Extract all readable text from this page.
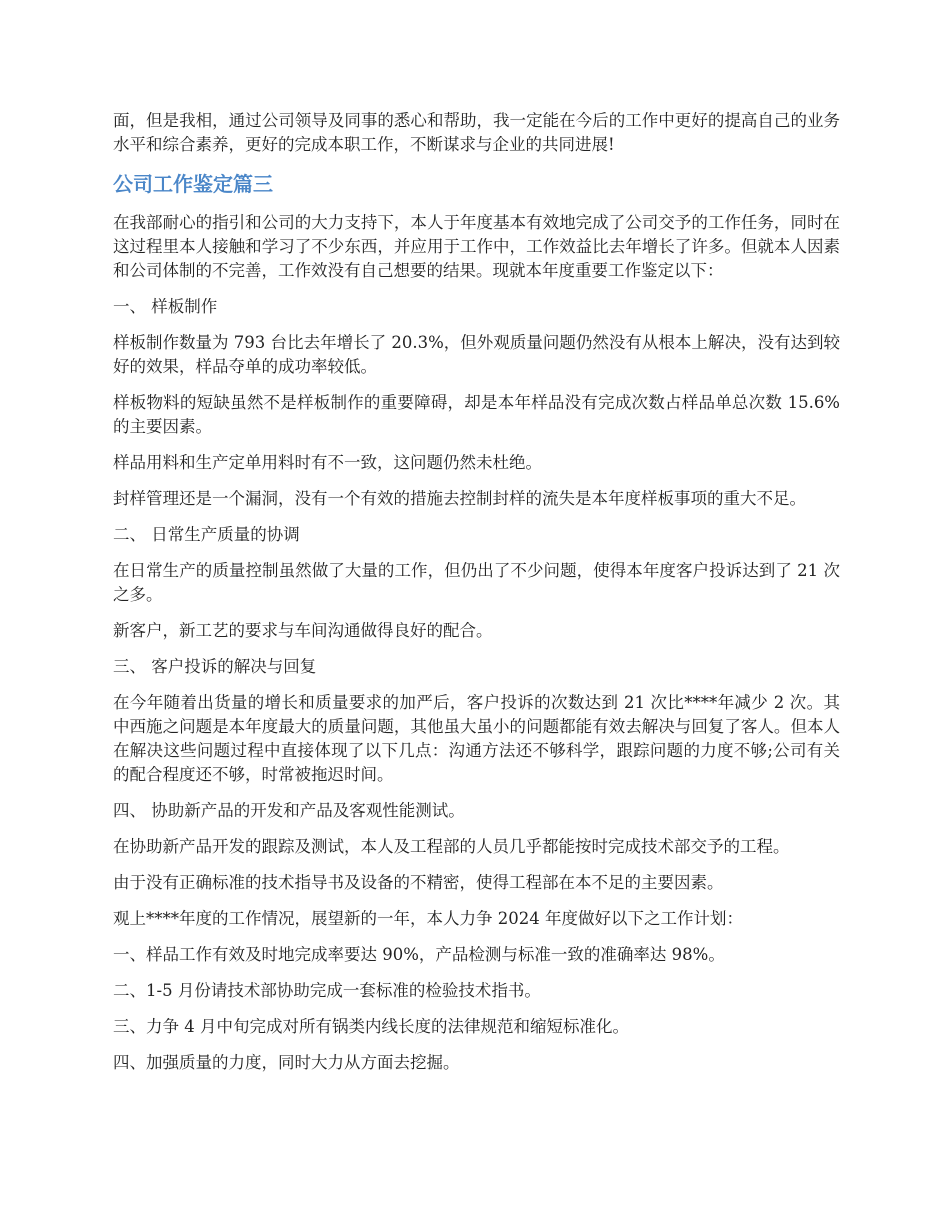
面，但是我相，通过公司领导及同事的悉心和帮助，我一定能在今后的工作中更好的提高自己的业务水平和综合素养，更好的完成本职工作，不断谋求与企业的共同进展!

公司工作鉴定篇三

在我部耐心的指引和公司的大力支持下，本人于年度基本有效地完成了公司交予的工作任务，同时在这过程里本人接触和学习了不少东西，并应用于工作中，工作效益比去年增长了许多。但就本人因素和公司体制的不完善，工作效没有自己想要的结果。现就本年度重要工作鉴定以下：

一、 样板制作

样板制作数量为 793 台比去年增长了 20.3%，但外观质量问题仍然没有从根本上解决，没有达到较好的效果，样品夺单的成功率较低。

样板物料的短缺虽然不是样板制作的重要障碍，却是本年样品没有完成次数占样品单总次数 15.6%的主要因素。

样品用料和生产定单用料时有不一致，这问题仍然未杜绝。

封样管理还是一个漏洞，没有一个有效的措施去控制封样的流失是本年度样板事项的重大不足。

二、 日常生产质量的协调

在日常生产的质量控制虽然做了大量的工作，但仍出了不少问题，使得本年度客户投诉达到了 21 次之多。

新客户，新工艺的要求与车间沟通做得良好的配合。

三、 客户投诉的解决与回复

在今年随着出货量的增长和质量要求的加严后，客户投诉的次数达到 21 次比****年减少 2 次。其中西施之问题是本年度最大的质量问题，其他虽大虽小的问题都能有效去解决与回复了客人。但本人在解决这些问题过程中直接体现了以下几点：沟通方法还不够科学，跟踪问题的力度不够;公司有关的配合程度还不够，时常被拖迟时间。

四、 协助新产品的开发和产品及客观性能测试。

在协助新产品开发的跟踪及测试，本人及工程部的人员几乎都能按时完成技术部交予的工程。

由于没有正确标准的技术指导书及设备的不精密，使得工程部在本不足的主要因素。

观上****年度的工作情况，展望新的一年，本人力争 2024 年度做好以下之工作计划：

一、样品工作有效及时地完成率要达 90%，产品检测与标准一致的准确率达 98%。

二、1-5 月份请技术部协助完成一套标准的检验技术指书。

三、力争 4 月中旬完成对所有锅类内线长度的法律规范和缩短标准化。

四、加强质量的力度，同时大力从方面去挖掘。
